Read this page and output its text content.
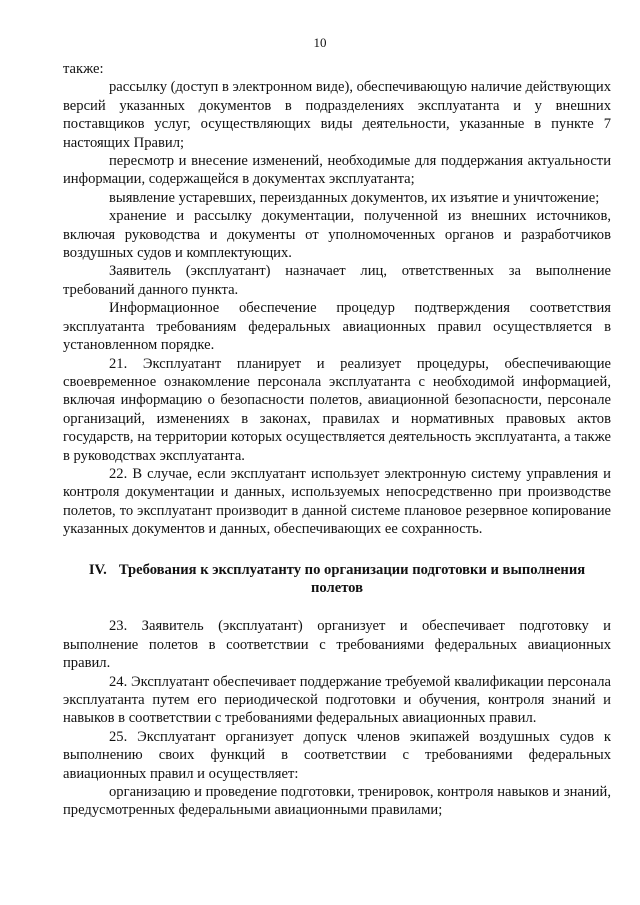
10

также:

рассылку (доступ в электронном виде), обеспечивающую наличие действующих версий указанных документов в подразделениях эксплуатанта и у внешних поставщиков услуг, осуществляющих виды деятельности, указанные в пункте 7 настоящих Правил;

пересмотр и внесение изменений, необходимые для поддержания актуальности информации, содержащейся в документах эксплуатанта;

выявление устаревших, переизданных документов, их изъятие и уничтожение;

хранение и рассылку документации, полученной из внешних источников, включая руководства и документы от уполномоченных органов и разработчиков воздушных судов и комплектующих.

Заявитель (эксплуатант) назначает лиц, ответственных за выполнение требований данного пункта.

Информационное обеспечение процедур подтверждения соответствия эксплуатанта требованиям федеральных авиационных правил осуществляется в установленном порядке.

21. Эксплуатант планирует и реализует процедуры, обеспечивающие своевременное ознакомление персонала эксплуатанта с необходимой информацией, включая информацию о безопасности полетов, авиационной безопасности, персонале организаций, изменениях в законах, правилах и нормативных правовых актов государств, на территории которых осуществляется деятельность эксплуатанта, а также в руководствах эксплуатанта.

22. В случае, если эксплуатант использует электронную систему управления и контроля документации и данных, используемых непосредственно при производстве полетов, то эксплуатант производит в данной системе плановое резервное копирование указанных документов и данных, обеспечивающих ее сохранность.

IV. Требования к эксплуатанту по организации подготовки и выполнения полетов

23. Заявитель (эксплуатант) организует и обеспечивает подготовку и выполнение полетов в соответствии с требованиями федеральных авиационных правил.

24. Эксплуатант обеспечивает поддержание требуемой квалификации персонала эксплуатанта путем его периодической подготовки и обучения, контроля знаний и навыков в соответствии с требованиями федеральных авиационных правил.

25. Эксплуатант организует допуск членов экипажей воздушных судов к выполнению своих функций в соответствии с требованиями федеральных авиационных правил и осуществляет:

организацию и проведение подготовки, тренировок, контроля навыков и знаний, предусмотренных федеральными авиационными правилами;
